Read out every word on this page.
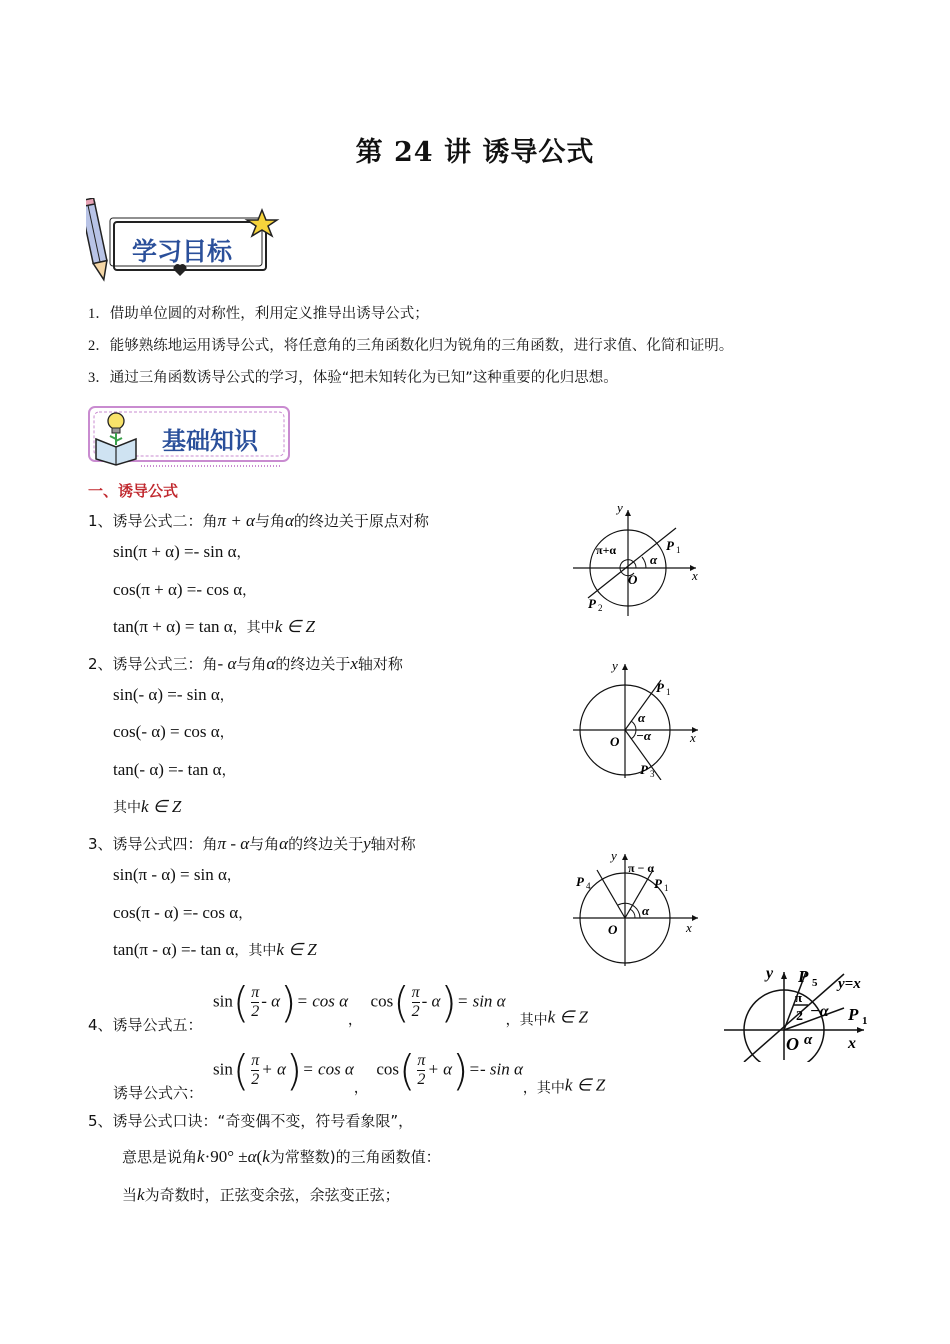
第 24 讲 诱导公式
学习目标
1．借助单位圆的对称性，利用定义推导出诱导公式；
2．能够熟练地运用诱导公式，将任意角的三角函数化归为锐角的三角函数，进行求值、化简和证明。
3．通过三角函数诱导公式的学习，体验“把未知转化为已知”这种重要的化归思想。
基础知识
一、诱导公式
1、诱导公式二：角π + α与角α的终边关于原点对称
sin(π + α) =- sin α，
cos(π + α) =- cos α，
tan(π + α) = tan α，其中k ∈ Z
y
x
O
π+α
α
P 1
P 2
2、诱导公式三：角- α与角α的终边关于x轴对称
sin(- α) =- sin α，
cos(- α) = cos α，
tan(- α) =- tan α，
其中k ∈ Z
y
x
O
α
−α
P 1
P 3
3、诱导公式四：角π - α与角α的终边关于y轴对称
sin(π - α) = sin α，
cos(π - α) =- cos α，
tan(π - α) =- tan α，其中k ∈ Z
y
x
O
α
π − α
P 1
P 4
4、诱导公式五：
$\sin( \frac{\pi}{2} - \alpha)= \cos \alpha_,$  $\cos( \frac{\pi}{2} - \alpha)= \sin \alpha_{,其中}k$ ∈ Z
诱导公式六：
$\sin( \frac{\pi}{2} + \alpha)= \cos \alpha_,$  $\cos( \frac{\pi}{2} + \alpha)=-$ $\sin \alpha_{,其中}k$ ∈ Z
y
x
O α
P 5 y=x
π
2 −α P 1
5、诱导公式口诀：“奇变偶不变，符号看象限”，
意思是说角k·90° ±α(k为常整数)的三角函数值：
当k为奇数时，正弦变余弦，余弦变正弦；
